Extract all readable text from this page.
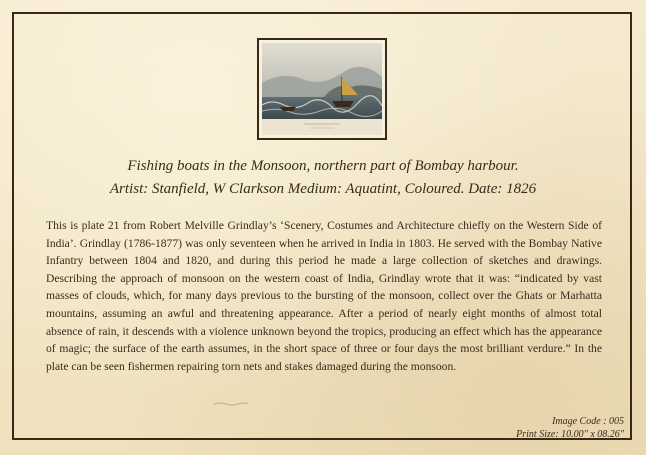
Fishing boats in the Monsoon, northern part of Bombay harbour.

Artist: Stanfield, W Clarkson Medium: Aquatint, Coloured. Date: 1826

This is plate 21 from Robert Melville Grindlay’s ‘Scenery, Costumes and Architecture chiefly on the Western Side of India’. Grindlay (1786-1877) was only seventeen when he arrived in India in 1803. He served with the Bombay Native Infantry between 1804 and 1820, and during this period he made a large collection of sketches and drawings. Describing the approach of monsoon on the western coast of India, Grindlay wrote that it was: “indicated by vast masses of clouds, which, for many days previous to the bursting of the monsoon, collect over the Ghats or Marhatta mountains, assuming an awful and threatening appearance. After a period of nearly eight months of almost total absence of rain, it descends with a violence unknown beyond the tropics, producing an effect which has the appearance of magic; the surface of the earth assumes, in the short space of three or four days the most brilliant verdure.” In the plate can be seen fishermen repairing torn nets and stakes damaged during the monsoon.

Image Code : 005
Print Size: 10.00" x 08.26"
